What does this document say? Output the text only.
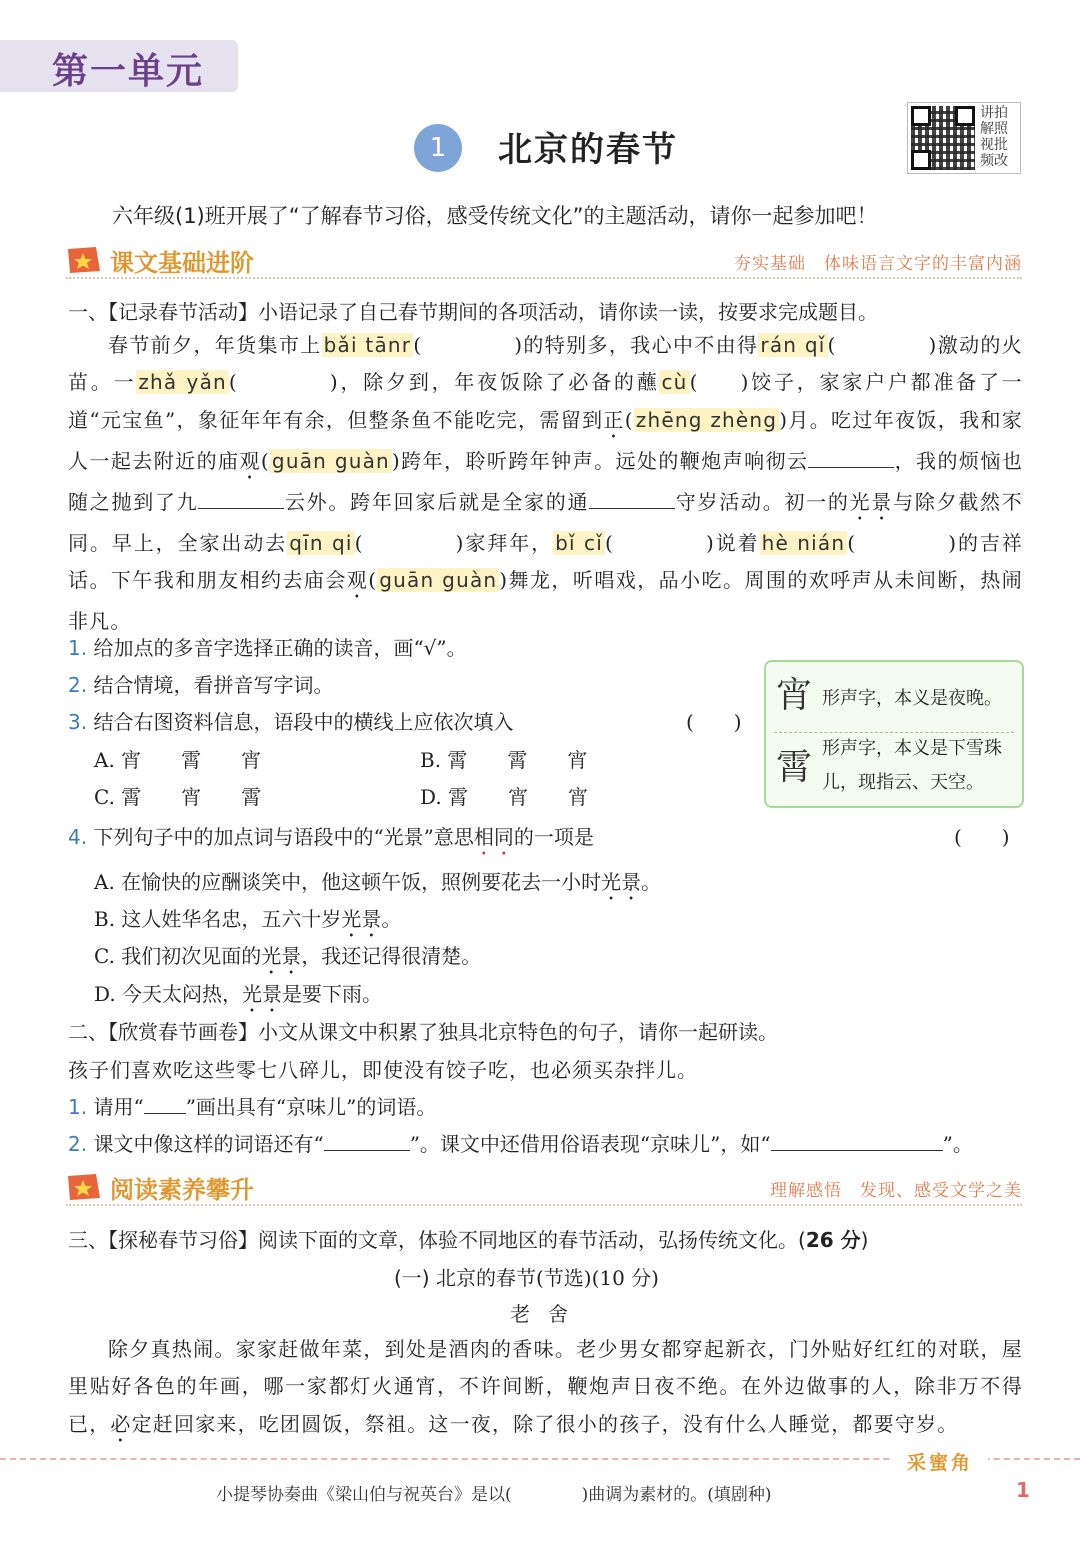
第一单元
1	北京的春节
讲拍解照视批频改
六年级(1)班开展了“了解春节习俗，感受传统文化”的主题活动，请你一起参加吧！
课文基础进阶	夯实基础　 体味语言文字的丰富内涵
一、【记录春节活动】小语记录了自己春节期间的各项活动，请你读一读，按要求完成题目。

春节前夕，年货集市上 bǎi tānr (	)的特别多，我心中不由得 rán qǐ (	)激动的火苗。一 zhǎ yǎn (	)，除夕到，年夜饭除了必备的蘸 cù ( )饺子，家家户户都准备了一道“元宝鱼”，象征年年有余，但整条鱼不能吃完，需留到正( zhēng zhèng )月。吃过年夜饭，我和家人一起去附近的庙观( guān guàn )跨年，聆听跨年钟声。远处的鞭炮声响彻云	，我的烦恼也随之抛到了九	云外。跨年回家后就是全家的通	守岁活动。初一的光景与除夕截然不同。早上，全家出动去 qīn qi (	)家拜年， bǐ cǐ (	)说着 hè nián (	)的吉祥话。下午我和朋友相约去庙会观( guān guàn )舞龙，听唱戏，品小吃。周围的欢呼声从未间断，热闹非凡。

1. 给加点的多音字选择正确的读音，画“√”。
2. 结合情境，看拼音写字词。
3. 结合右图资料信息，语段中的横线上应依次填入	(　　)
A. 宵　　霄　　宵	B. 霄　　霄　　宵
C. 霄　　宵　　霄	D. 霄　　宵　　宵
宵 形声字，本义是夜晚。
霄 形声字，本义是下雪珠
儿，现指云、天空。
4. 下列句子中的加点词与语段中的“光景”意思相同的一项是	(　　)
A. 在愉快的应酬谈笑中，他这顿午饭，照例要花去一小时光景。
B. 这人姓华名忠，五六十岁光景。
C. 我们初次见面的光景，我还记得很清楚。
D. 今天太闷热，光景是要下雨。
二、【欣赏春节画卷】小文从课文中积累了独具北京特色的句子，请你一起研读。
孩子们喜欢吃这些零七八碎儿，即使没有饺子吃，也必须买杂拌儿。
1. 请用“ ”画出具有“京味儿”的词语。
2. 课文中像这样的词语还有“	”。课文中还借用俗语表现“京味儿”，如“	”。
阅读素养攀升	理解感悟　 发现、感受文学之美
三、【探秘春节习俗】阅读下面的文章，体验不同地区的春节活动，弘扬传统文化。(26 分)
(一) 北京的春节(节选)(10 分)
老舍

除夕真热闹。家家赶做年菜，到处是酒肉的香味。老少男女都穿起新衣，门外贴好红红的对联，屋里贴好各色的年画，哪一家都灯火通宵，不许间断，鞭炮声日夜不绝。在外边做事的人，除非万不得已，必定赶回家来，吃团圆饭，祭祖。这一夜，除了很小的孩子，没有什么人睡觉，都要守岁。

采蜜角
小提琴协奏曲《梁山伯与祝英台》是以(	)曲调为素材的。(填剧种)	1
